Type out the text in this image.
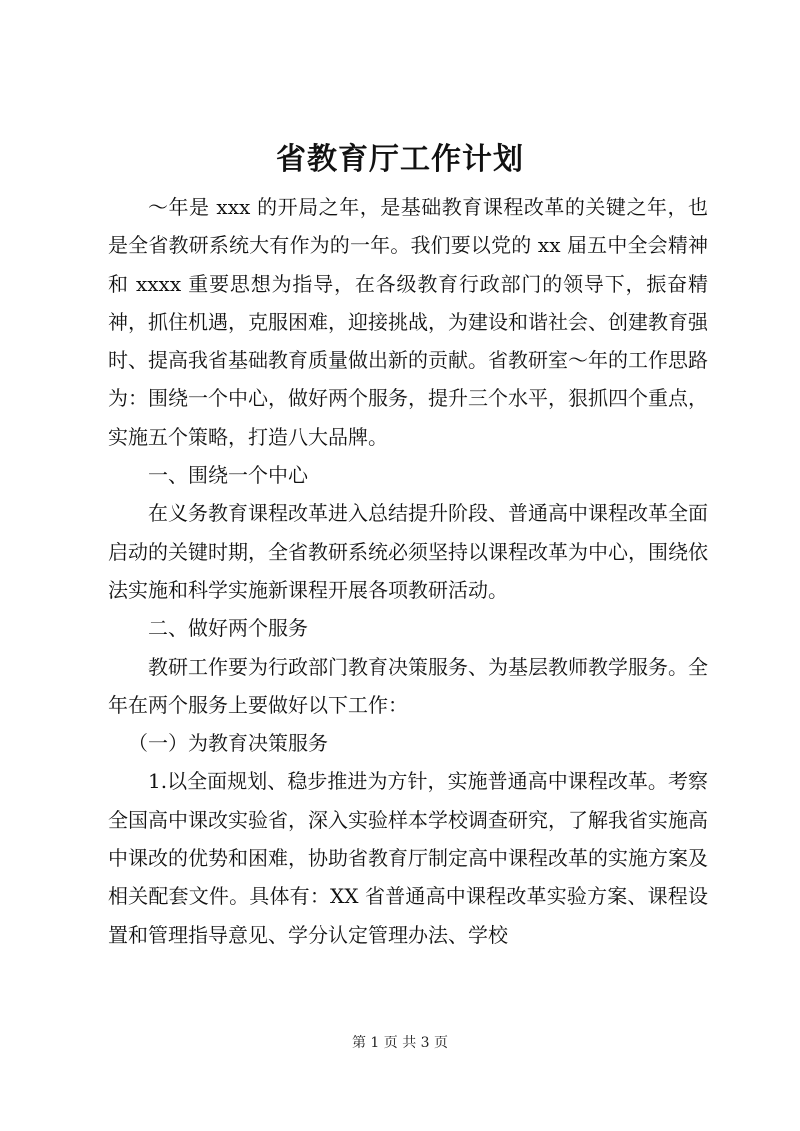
省教育厅工作计划

～年是 xxx 的开局之年，是基础教育课程改革的关键之年，也是全省教研系统大有作为的一年。我们要以党的 xx 届五中全会精神和 xxxx 重要思想为指导，在各级教育行政部门的领导下，振奋精神，抓住机遇，克服困难，迎接挑战，为建设和谐社会、创建教育强时、提高我省基础教育质量做出新的贡献。省教研室～年的工作思路为：围绕一个中心，做好两个服务，提升三个水平，狠抓四个重点，实施五个策略，打造八大品牌。

一、围绕一个中心

在义务教育课程改革进入总结提升阶段、普通高中课程改革全面启动的关键时期，全省教研系统必须坚持以课程改革为中心，围绕依法实施和科学实施新课程开展各项教研活动。

二、做好两个服务

教研工作要为行政部门教育决策服务、为基层教师教学服务。全年在两个服务上要做好以下工作：

（一）为教育决策服务

1.以全面规划、稳步推进为方针，实施普通高中课程改革。考察全国高中课改实验省，深入实验样本学校调查研究，了解我省实施高中课改的优势和困难，协助省教育厅制定高中课程改革的实施方案及相关配套文件。具体有：XX 省普通高中课程改革实验方案、课程设置和管理指导意见、学分认定管理办法、学校

第 1 页 共 3 页
